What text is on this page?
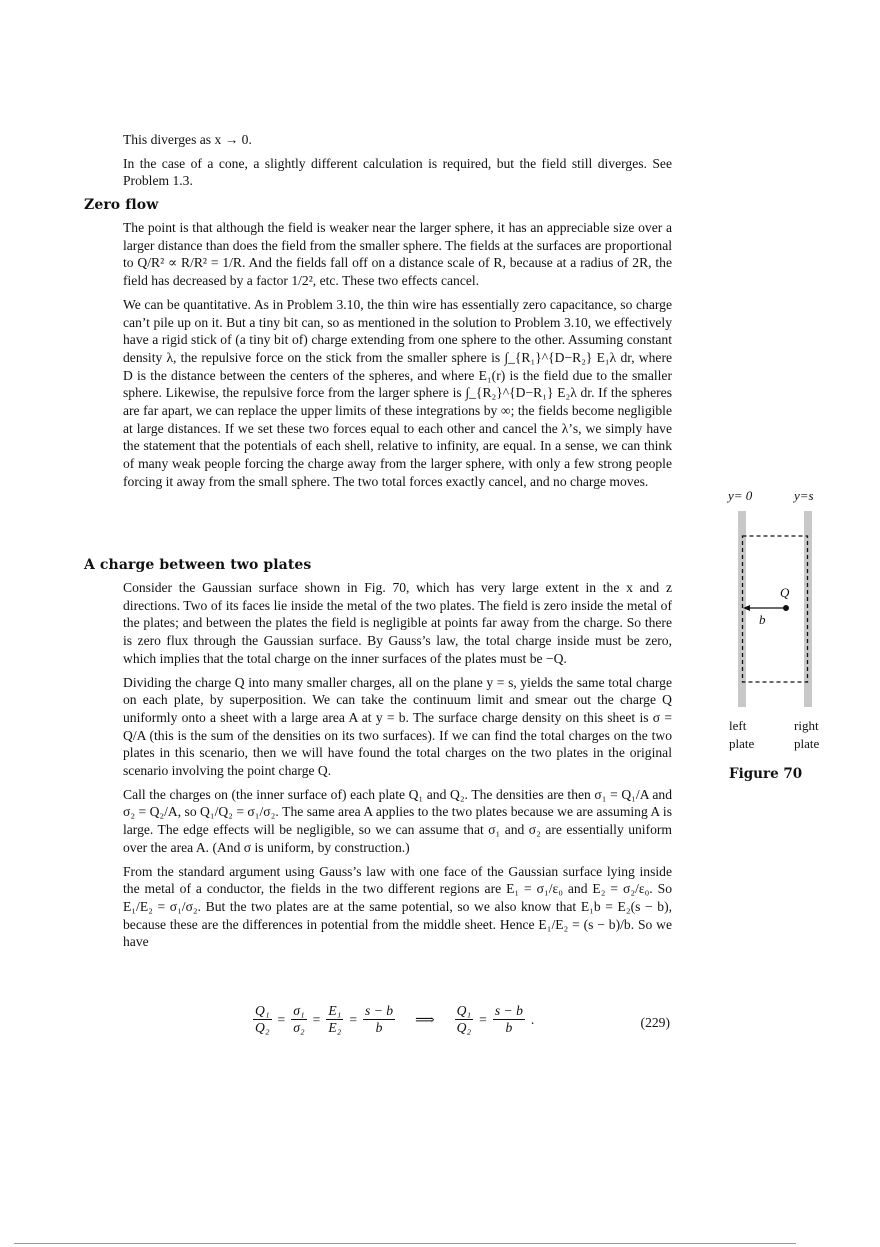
This diverges as x → 0.

In the case of a cone, a slightly different calculation is required, but the field still diverges. See Problem 1.3.

Zero flow

The point is that although the field is weaker near the larger sphere, it has an appreciable size over a larger distance than does the field from the smaller sphere. The fields at the surfaces are proportional to Q/R² ∝ R/R² = 1/R. And the fields fall off on a distance scale of R, because at a radius of 2R, the field has decreased by a factor 1/2², etc. These two effects cancel.

We can be quantitative. As in Problem 3.10, the thin wire has essentially zero capacitance, so charge can’t pile up on it. But a tiny bit can, so as mentioned in the solution to Problem 3.10, we effectively have a rigid stick of (a tiny bit of) charge extending from one sphere to the other. Assuming constant density λ, the repulsive force on the stick from the smaller sphere is ∫_{R₁}^{D−R₂} E₁λ dr, where D is the distance between the centers of the spheres, and where E₁(r) is the field due to the smaller sphere. Likewise, the repulsive force from the larger sphere is ∫_{R₂}^{D−R₁} E₂λ dr. If the spheres are far apart, we can replace the upper limits of these integrations by ∞; the fields become negligible at large distances. If we set these two forces equal to each other and cancel the λ’s, we simply have the statement that the potentials of each shell, relative to infinity, are equal. In a sense, we can think of many weak people forcing the charge away from the larger sphere, with only a few strong people forcing it away from the small sphere. The two total forces exactly cancel, and no charge moves.

A charge between two plates

Consider the Gaussian surface shown in Fig. 70, which has very large extent in the x and z directions. Two of its faces lie inside the metal of the two plates. The field is zero inside the metal of the plates; and between the plates the field is negligible at points far away from the charge. So there is zero flux through the Gaussian surface. By Gauss’s law, the total charge inside must be zero, which implies that the total charge on the inner surfaces of the plates must be −Q.

Dividing the charge Q into many smaller charges, all on the plane y = s, yields the same total charge on each plate, by superposition. We can take the continuum limit and smear out the charge Q uniformly onto a sheet with a large area A at y = b. The surface charge density on this sheet is σ = Q/A (this is the sum of the densities on its two surfaces). If we can find the total charges on the two plates in this scenario, then we will have found the total charges on the two plates in the original scenario involving the point charge Q.

Call the charges on (the inner surface of) each plate Q₁ and Q₂. The densities are then σ₁ = Q₁/A and σ₂ = Q₂/A, so Q₁/Q₂ = σ₁/σ₂. The same area A applies to the two plates because we are assuming A is large. The edge effects will be negligible, so we can assume that σ₁ and σ₂ are essentially uniform over the area A. (And σ is uniform, by construction.)

From the standard argument using Gauss’s law with one face of the Gaussian surface lying inside the metal of a conductor, the fields in the two different regions are E₁ = σ₁/ε₀ and E₂ = σ₂/ε₀. So E₁/E₂ = σ₁/σ₂. But the two plates are at the same potential, so we also know that E₁b = E₂(s − b), because these are the differences in potential from the middle sheet. Hence E₁/E₂ = (s − b)/b. So we have

$\frac{\text{Q₁}}{\text{Q₂}} = \frac{\text{σ₁}}{\text{σ₂}} = \frac{\text{E₁}}{\text{E₂}} = \frac{s - b}{b}$ ⟹ $\frac{\text{Q₁}}{\text{Q₂}} = \frac{s - b}{b}$ .	(229)
y= 0	y=s
Q
b
left
plate
right
plate
Figure 70
